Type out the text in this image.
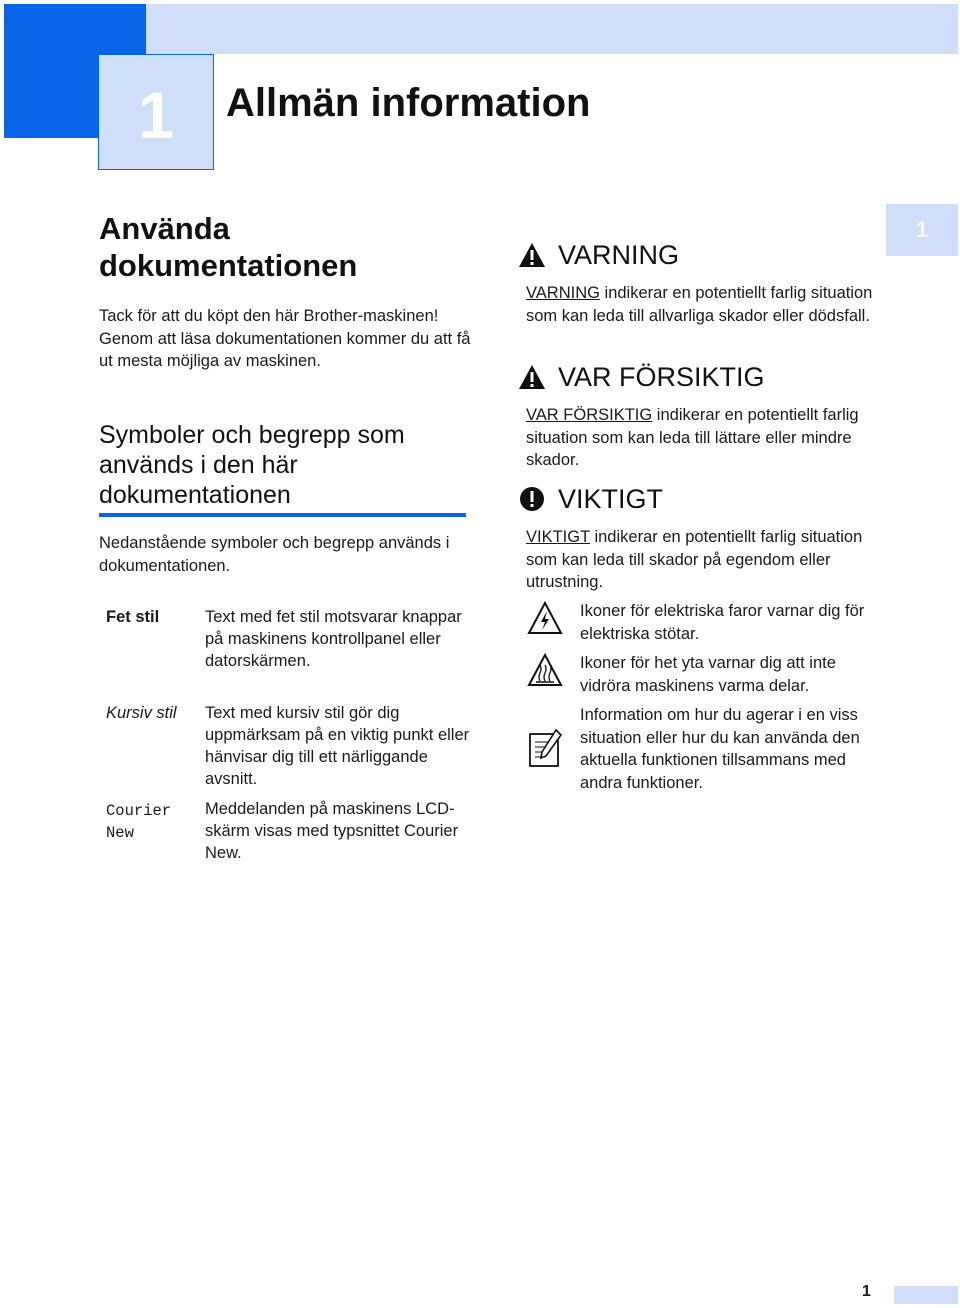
1 Allmän information
1
Använda dokumentationen

Tack för att du köpt den här Brother-maskinen! Genom att läsa dokumentationen kommer du att få ut mesta möjliga av maskinen.

Symboler och begrepp som används i den här dokumentationen

Nedanstående symboler och begrepp används i dokumentationen.

Fet stil	Text med fet stil motsvarar knappar på maskinens kontrollpanel eller datorskärmen.

Kursiv stil Text med kursiv stil gör dig uppmärksam på en viktig punkt eller hänvisar dig till ett närliggande avsnitt.

Courier New

Meddelanden på maskinens LCD-skärm visas med typsnittet Courier New.

VARNING

VARNING indikerar en potentiellt farlig situation som kan leda till allvarliga skador eller dödsfall.

VAR FÖRSIKTIG

VAR FÖRSIKTIG indikerar en potentiellt farlig situation som kan leda till lättare eller mindre skador.

VIKTIGT

VIKTIGT indikerar en potentiellt farlig situation som kan leda till skador på egendom eller utrustning.

Ikoner för elektriska faror varnar dig för elektriska stötar.

Ikoner för het yta varnar dig att inte vidröra maskinens varma delar.

Information om hur du agerar i en viss situation eller hur du kan använda den aktuella funktionen tillsammans med andra funktioner.

1
